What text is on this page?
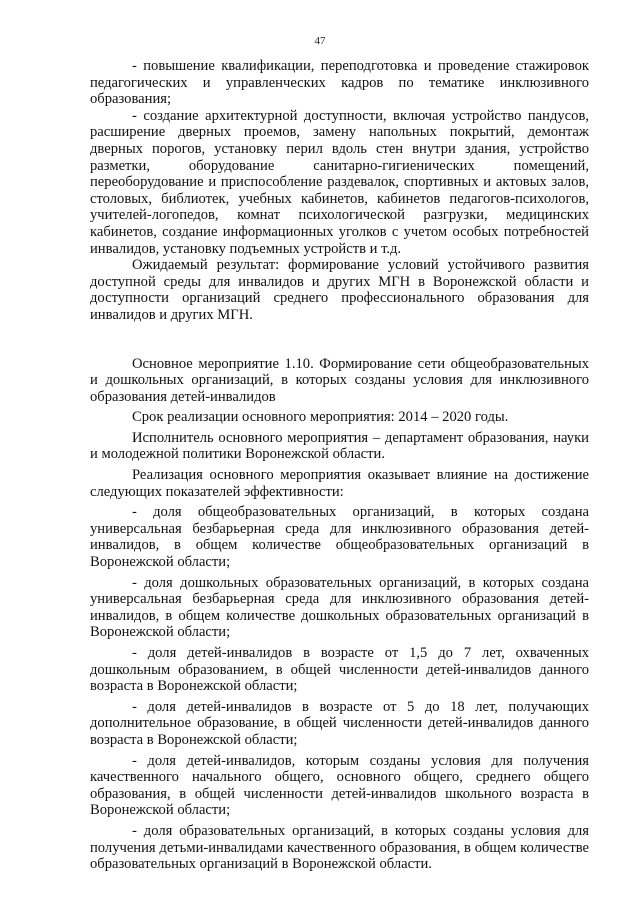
47

- повышение квалификации, переподготовка и проведение стажировок педагогических и управленческих кадров по тематике инклюзивного образования;

- создание архитектурной доступности, включая устройство пандусов, расширение дверных проемов, замену напольных покрытий, демонтаж дверных порогов, установку перил вдоль стен внутри здания, устройство разметки, оборудование санитарно-гигиенических помещений, переоборудование и приспособление раздевалок, спортивных и актовых залов, столовых, библиотек, учебных кабинетов, кабинетов педагогов-психологов, учителей-логопедов, комнат психологической разгрузки, медицинских кабинетов, создание информационных уголков с учетом особых потребностей инвалидов, установку подъемных устройств и т.д.

Ожидаемый результат: формирование условий устойчивого развития доступной среды для инвалидов и других МГН в Воронежской области и доступности организаций среднего профессионального образования для инвалидов и других МГН.

Основное мероприятие 1.10. Формирование сети общеобразовательных и дошкольных организаций, в которых созданы условия для инклюзивного образования детей-инвалидов

Срок реализации основного мероприятия: 2014 – 2020 годы.

Исполнитель основного мероприятия – департамент образования, науки и молодежной политики Воронежской области.

Реализация основного мероприятия оказывает влияние на достижение следующих показателей эффективности:

- доля общеобразовательных организаций, в которых создана универсальная безбарьерная среда для инклюзивного образования детей-инвалидов, в общем количестве общеобразовательных организаций в Воронежской области;

- доля дошкольных образовательных организаций, в которых создана универсальная безбарьерная среда для инклюзивного образования детей-инвалидов, в общем количестве дошкольных образовательных организаций в Воронежской области;

- доля детей-инвалидов в возрасте от 1,5 до 7 лет, охваченных дошкольным образованием, в общей численности детей-инвалидов данного возраста в Воронежской области;

- доля детей-инвалидов в возрасте от 5 до 18 лет, получающих дополнительное образование, в общей численности детей-инвалидов данного возраста в Воронежской области;

- доля детей-инвалидов, которым созданы условия для получения качественного начального общего, основного общего, среднего общего образования, в общей численности детей-инвалидов школьного возраста в Воронежской области;

- доля образовательных организаций, в которых созданы условия для получения детьми-инвалидами качественного образования, в общем количестве образовательных организаций в Воронежской области.
